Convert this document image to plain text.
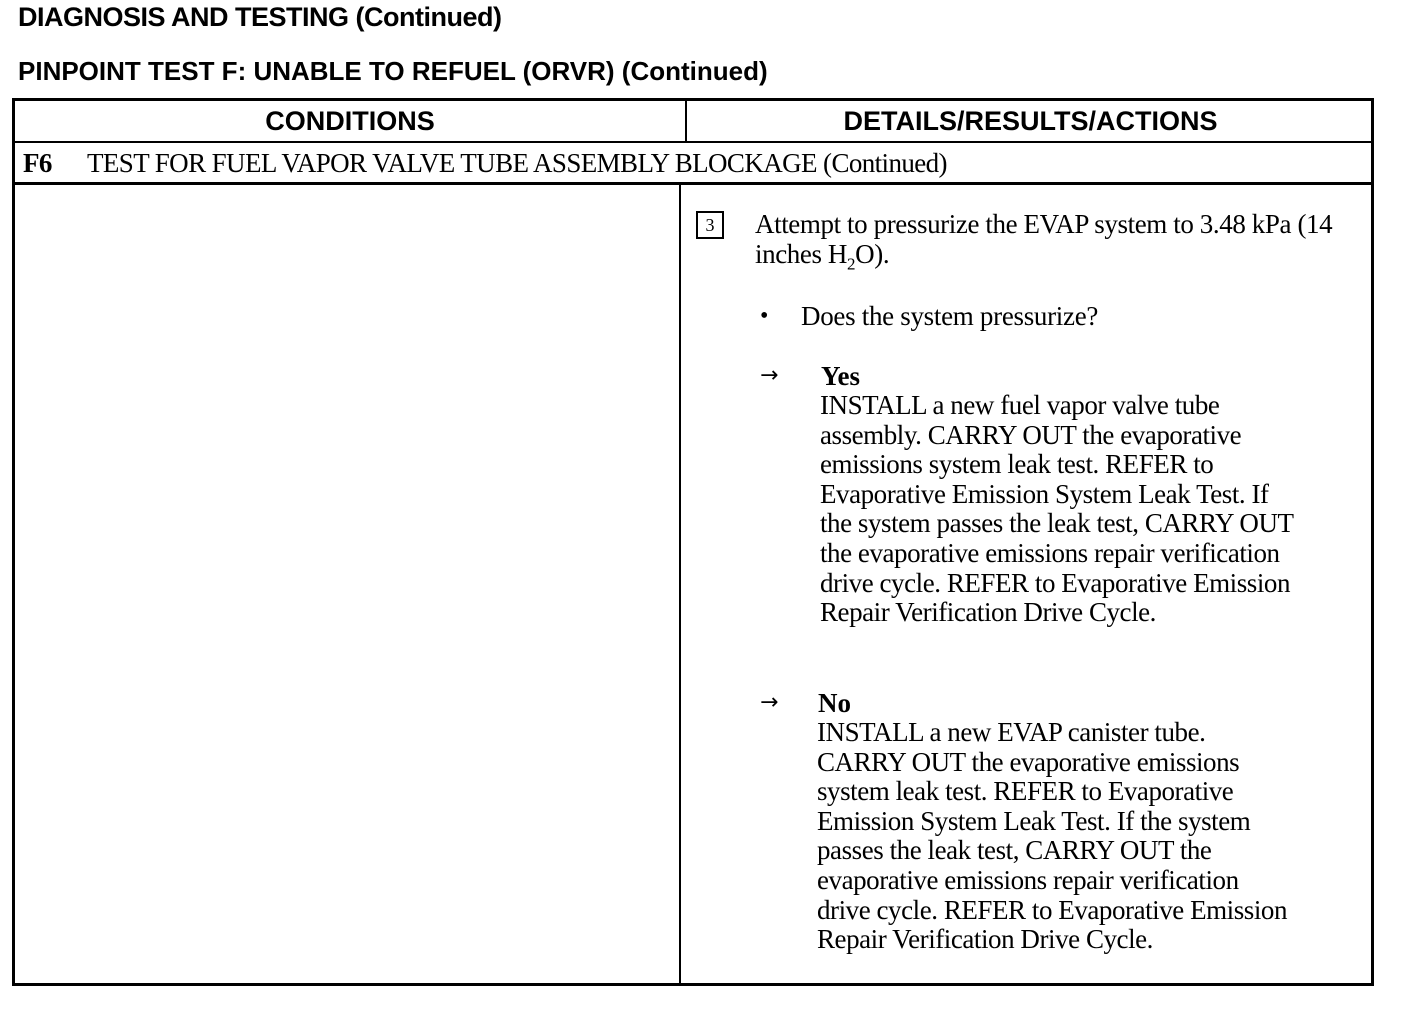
DIAGNOSIS AND TESTING (Continued)
PINPOINT TEST F: UNABLE TO REFUEL (ORVR) (Continued)
CONDITIONS	DETAILS/RESULTS/ACTIONS
F6 TEST FOR FUEL VAPOR VALVE TUBE ASSEMBLY BLOCKAGE (Continued)
3	Attempt to pressurize the EVAP system to 3.48 kPa (14 inches $H_2O$).
• Does the system pressurize?
→ Yes
INSTALL a new fuel vapor valve tube
assembly. CARRY OUT the evaporative
emissions system leak test. REFER to
Evaporative Emission System Leak Test. If
the system passes the leak test, CARRY OUT
the evaporative emissions repair verification
drive cycle. REFER to Evaporative Emission
Repair Verification Drive Cycle.
→ No
INSTALL a new EVAP canister tube.
CARRY OUT the evaporative emissions
system leak test. REFER to Evaporative
Emission System Leak Test. If the system
passes the leak test, CARRY OUT the
evaporative emissions repair verification
drive cycle. REFER to Evaporative Emission
Repair Verification Drive Cycle.
